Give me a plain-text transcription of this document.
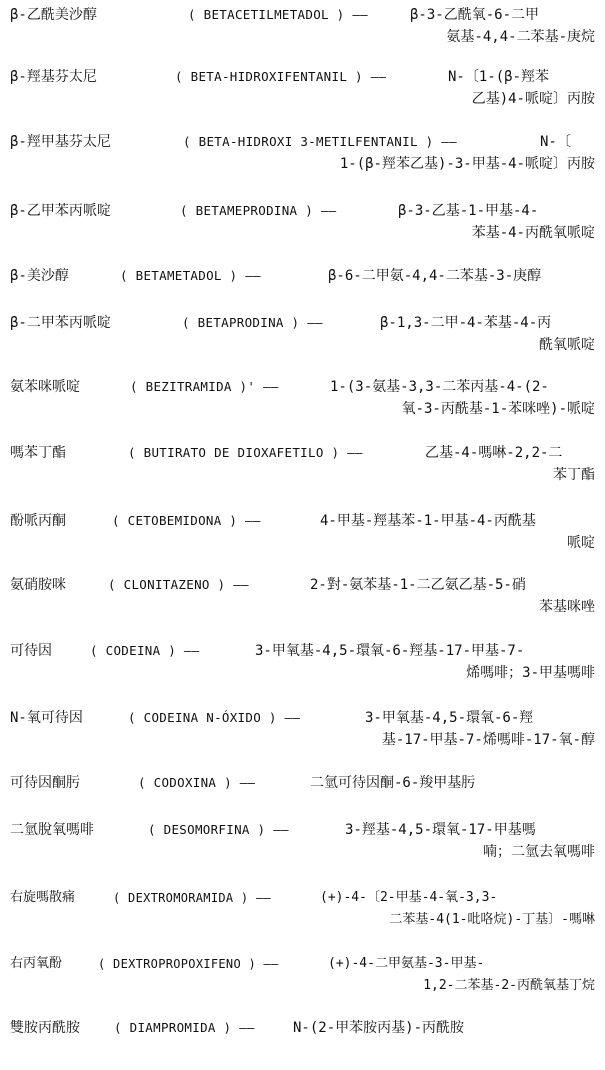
β-乙酰美沙醇	( BETACETILMETADOL ) ——	β-3-乙酰氧-6-二甲
氨基-4,4-二苯基-庚烷
β-羥基芬太尼	( BETA-HIDROXIFENTANIL ) ——	N-〔1-(β-羥苯
乙基)4-哌啶〕丙胺
β-羥甲基芬太尼	( BETA-HIDROXI 3-METILFENTANIL ) ——	N-〔
1-(β-羥苯乙基)-3-甲基-4-哌啶〕丙胺
β-乙甲苯丙哌啶	( BETAMEPRODINA ) ——	β-3-乙基-1-甲基-4-
苯基-4-丙酰氧哌啶
β-美沙醇	( BETAMETADOL ) ——	β-6-二甲氨-4,4-二苯基-3-庚醇
β-二甲苯丙哌啶	( BETAPRODINA ) ——	β-1,3-二甲-4-苯基-4-丙
酰氧哌啶
氨苯咪哌啶	( BEZITRAMIDA )' ——	1-(3-氨基-3,3-二苯丙基-4-(2-
氧-3-丙酰基-1-苯咪唑)-哌啶
嗎苯丁酯	( BUTIRATO DE DIOXAFETILO ) ——	乙基-4-嗎啉-2,2-二
苯丁酯
酚哌丙酮	( CETOBEMIDONA ) ——	4-甲基-羥基苯-1-甲基-4-丙酰基
哌啶
氨硝胺咪	( CLONITAZENO ) ——	2-對-氨苯基-1-二乙氨乙基-5-硝
苯基咪唑
可待因	( CODEINA ) ——	3-甲氧基-4,5-環氧-6-羥基-17-甲基-7-
烯嗎啡；3-甲基嗎啡
N-氧可待因	( CODEINA N-ÓXIDO ) ——	3-甲氧基-4,5-環氧-6-羥
基-17-甲基-7-烯嗎啡-17-氧-醇
可待因酮肟	( CODOXINA ) ——	二氫可待因酮-6-羧甲基肟
二氫脫氧嗎啡	( DESOMORFINA ) ——	3-羥基-4,5-環氧-17-甲基嗎
喃；二氫去氧嗎啡
右旋嗎散痛	( DEXTROMORAMIDA ) ——	(+)-4-〔2-甲基-4-氧-3,3-
二苯基-4(1-吡咯烷)-丁基〕-嗎啉
右丙氧酚	( DEXTROPROPOXIFENO ) ——	(+)-4-二甲氨基-3-甲基-
1,2-二苯基-2-丙酰氧基丁烷
雙胺丙酰胺	( DIAMPROMIDA ) ——	N-(2-甲苯胺丙基)-丙酰胺
